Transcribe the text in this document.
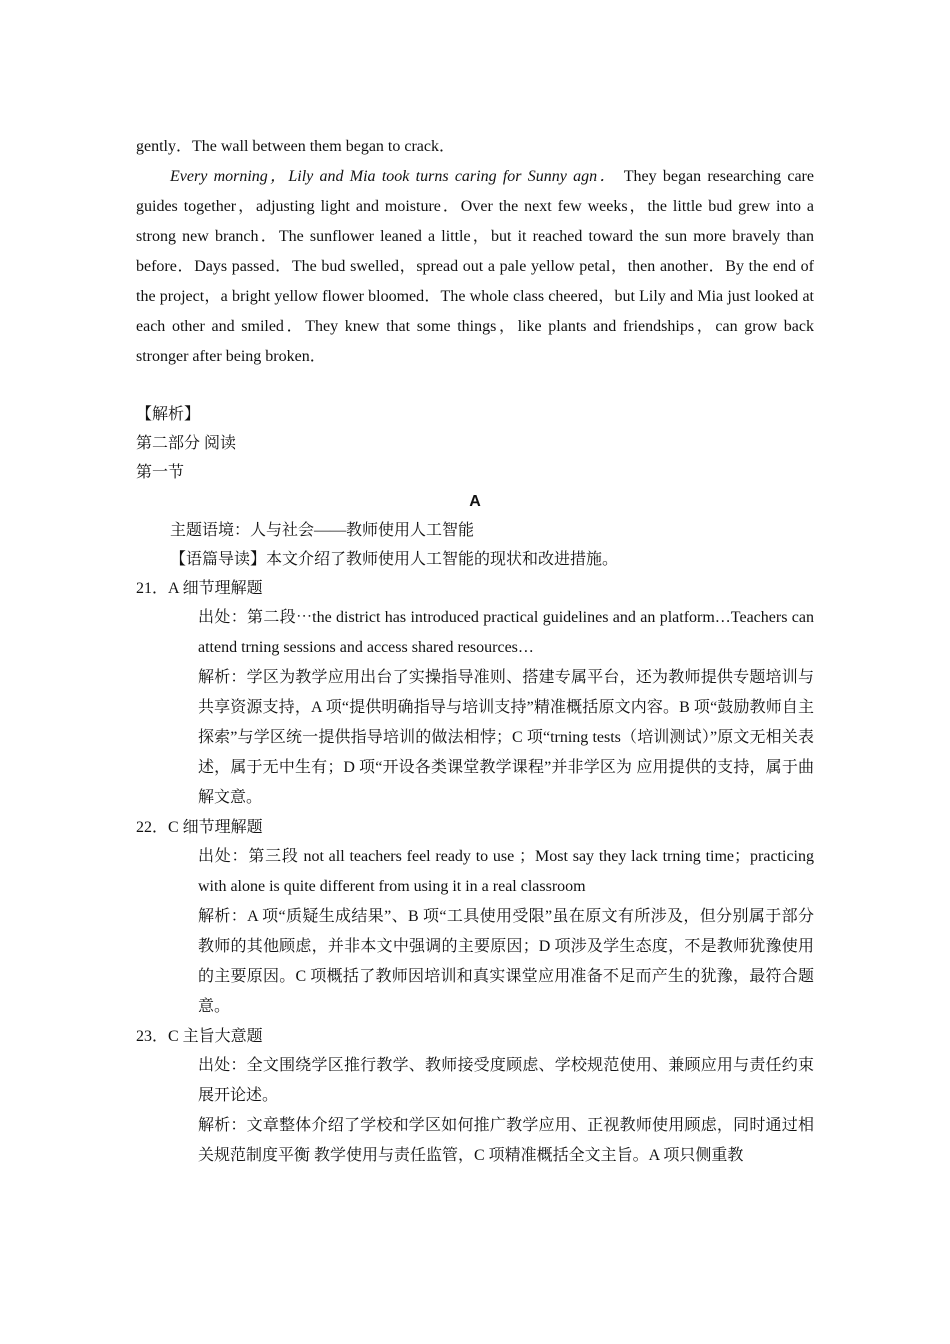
gently．The wall between them began to crack．

Every morning，Lily and Mia took turns caring for Sunny agn． They began researching care guides together，adjusting light and moisture．Over the next few weeks，the little bud grew into a strong new branch．The sunflower leaned a little，but it reached toward the sun more bravely than before．Days passed．The bud swelled，spread out a pale yellow petal，then another．By the end of the project，a bright yellow flower bloomed．The whole class cheered，but Lily and Mia just looked at each other and smiled．They knew that some things，like plants and friendships，can grow back stronger after being broken．

【解析】

第二部分 阅读

第一节

A

主题语境：人与社会——教师使用人工智能

【语篇导读】本文介绍了教师使用人工智能的现状和改进措施。

21．A 细节理解题

出处：第二段⋯the district has introduced practical guidelines and an platform…Teachers can attend trning sessions and access shared resources…

解析：学区为教学应用出台了实操指导准则、搭建专属平台，还为教师提供专题培训与共享资源支持，A 项“提供明确指导与培训支持”精准概括原文内容。B 项“鼓励教师自主探索”与学区统一提供指导培训的做法相悖；C 项“trning tests（培训测试）”原文无相关表述，属于无中生有；D 项“开设各类课堂教学课程”并非学区为 应用提供的支持，属于曲解文意。

22．C 细节理解题

出处：第三段 not all teachers feel ready to use ；Most say they lack trning time；practicing with alone is quite different from using it in a real classroom

解析：A 项“质疑生成结果”、B 项“工具使用受限”虽在原文有所涉及，但分别属于部分教师的其他顾虑，并非本文中强调的主要原因；D 项涉及学生态度，不是教师犹豫使用的主要原因。C 项概括了教师因培训和真实课堂应用准备不足而产生的犹豫，最符合题意。

23．C 主旨大意题

出处：全文围绕学区推行教学、教师接受度顾虑、学校规范使用、兼顾应用与责任约束展开论述。

解析：文章整体介绍了学校和学区如何推广教学应用、正视教师使用顾虑，同时通过相关规范制度平衡 教学使用与责任监管，C 项精准概括全文主旨。A 项只侧重教
